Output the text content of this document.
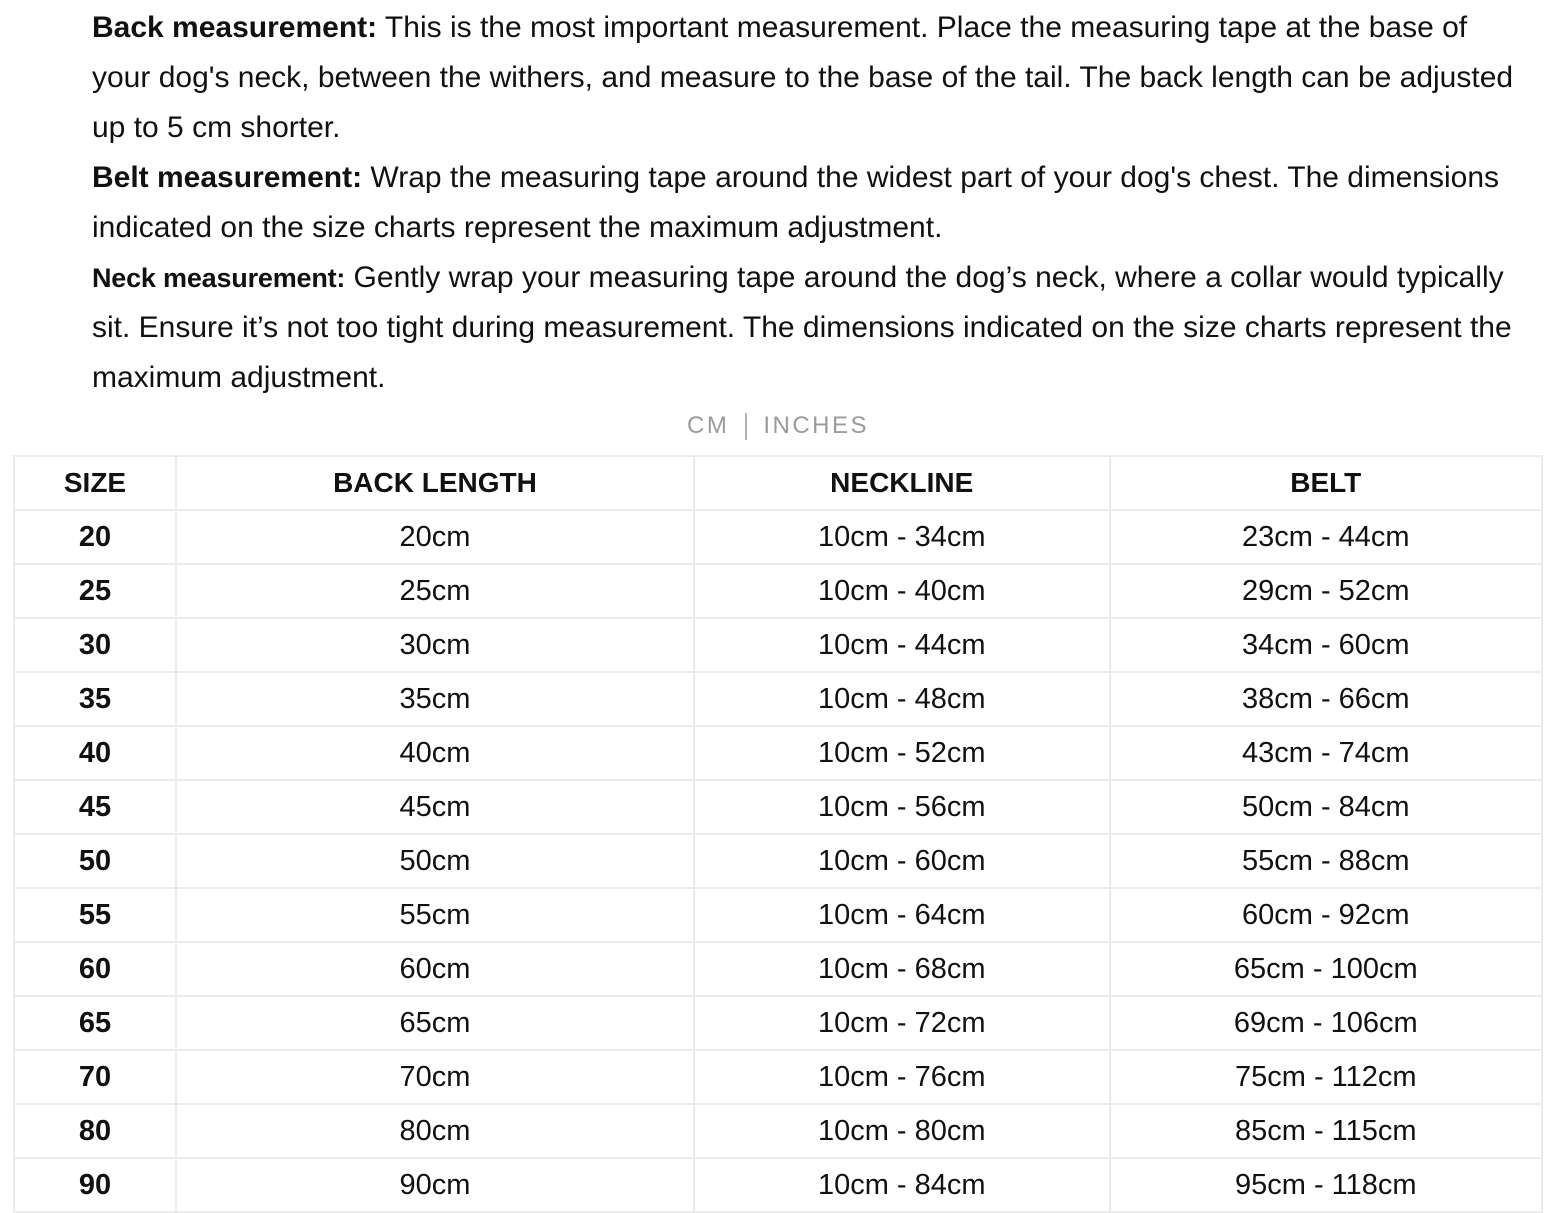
Back measurement: This is the most important measurement. Place the measuring tape at the base of your dog's neck, between the withers, and measure to the base of the tail. The back length can be adjusted up to 5 cm shorter.

Belt measurement: Wrap the measuring tape around the widest part of your dog's chest. The dimensions indicated on the size charts represent the maximum adjustment.

Neck measurement: Gently wrap your measuring tape around the dog’s neck, where a collar would typically sit. Ensure it’s not too tight during measurement. The dimensions indicated on the size charts represent the maximum adjustment.

CM INCHES
SIZE	BACK LENGTH	NECKLINE	BELT
20	20cm	10cm - 34cm	23cm - 44cm
25	25cm	10cm - 40cm	29cm - 52cm
30	30cm	10cm - 44cm	34cm - 60cm
35	35cm	10cm - 48cm	38cm - 66cm
40	40cm	10cm - 52cm	43cm - 74cm
45	45cm	10cm - 56cm	50cm - 84cm
50	50cm	10cm - 60cm	55cm - 88cm
55	55cm	10cm - 64cm	60cm - 92cm
60	60cm	10cm - 68cm	65cm - 100cm
65	65cm	10cm - 72cm	69cm - 106cm
70	70cm	10cm - 76cm	75cm - 112cm
80	80cm	10cm - 80cm	85cm - 115cm
90	90cm	10cm - 84cm	95cm - 118cm
